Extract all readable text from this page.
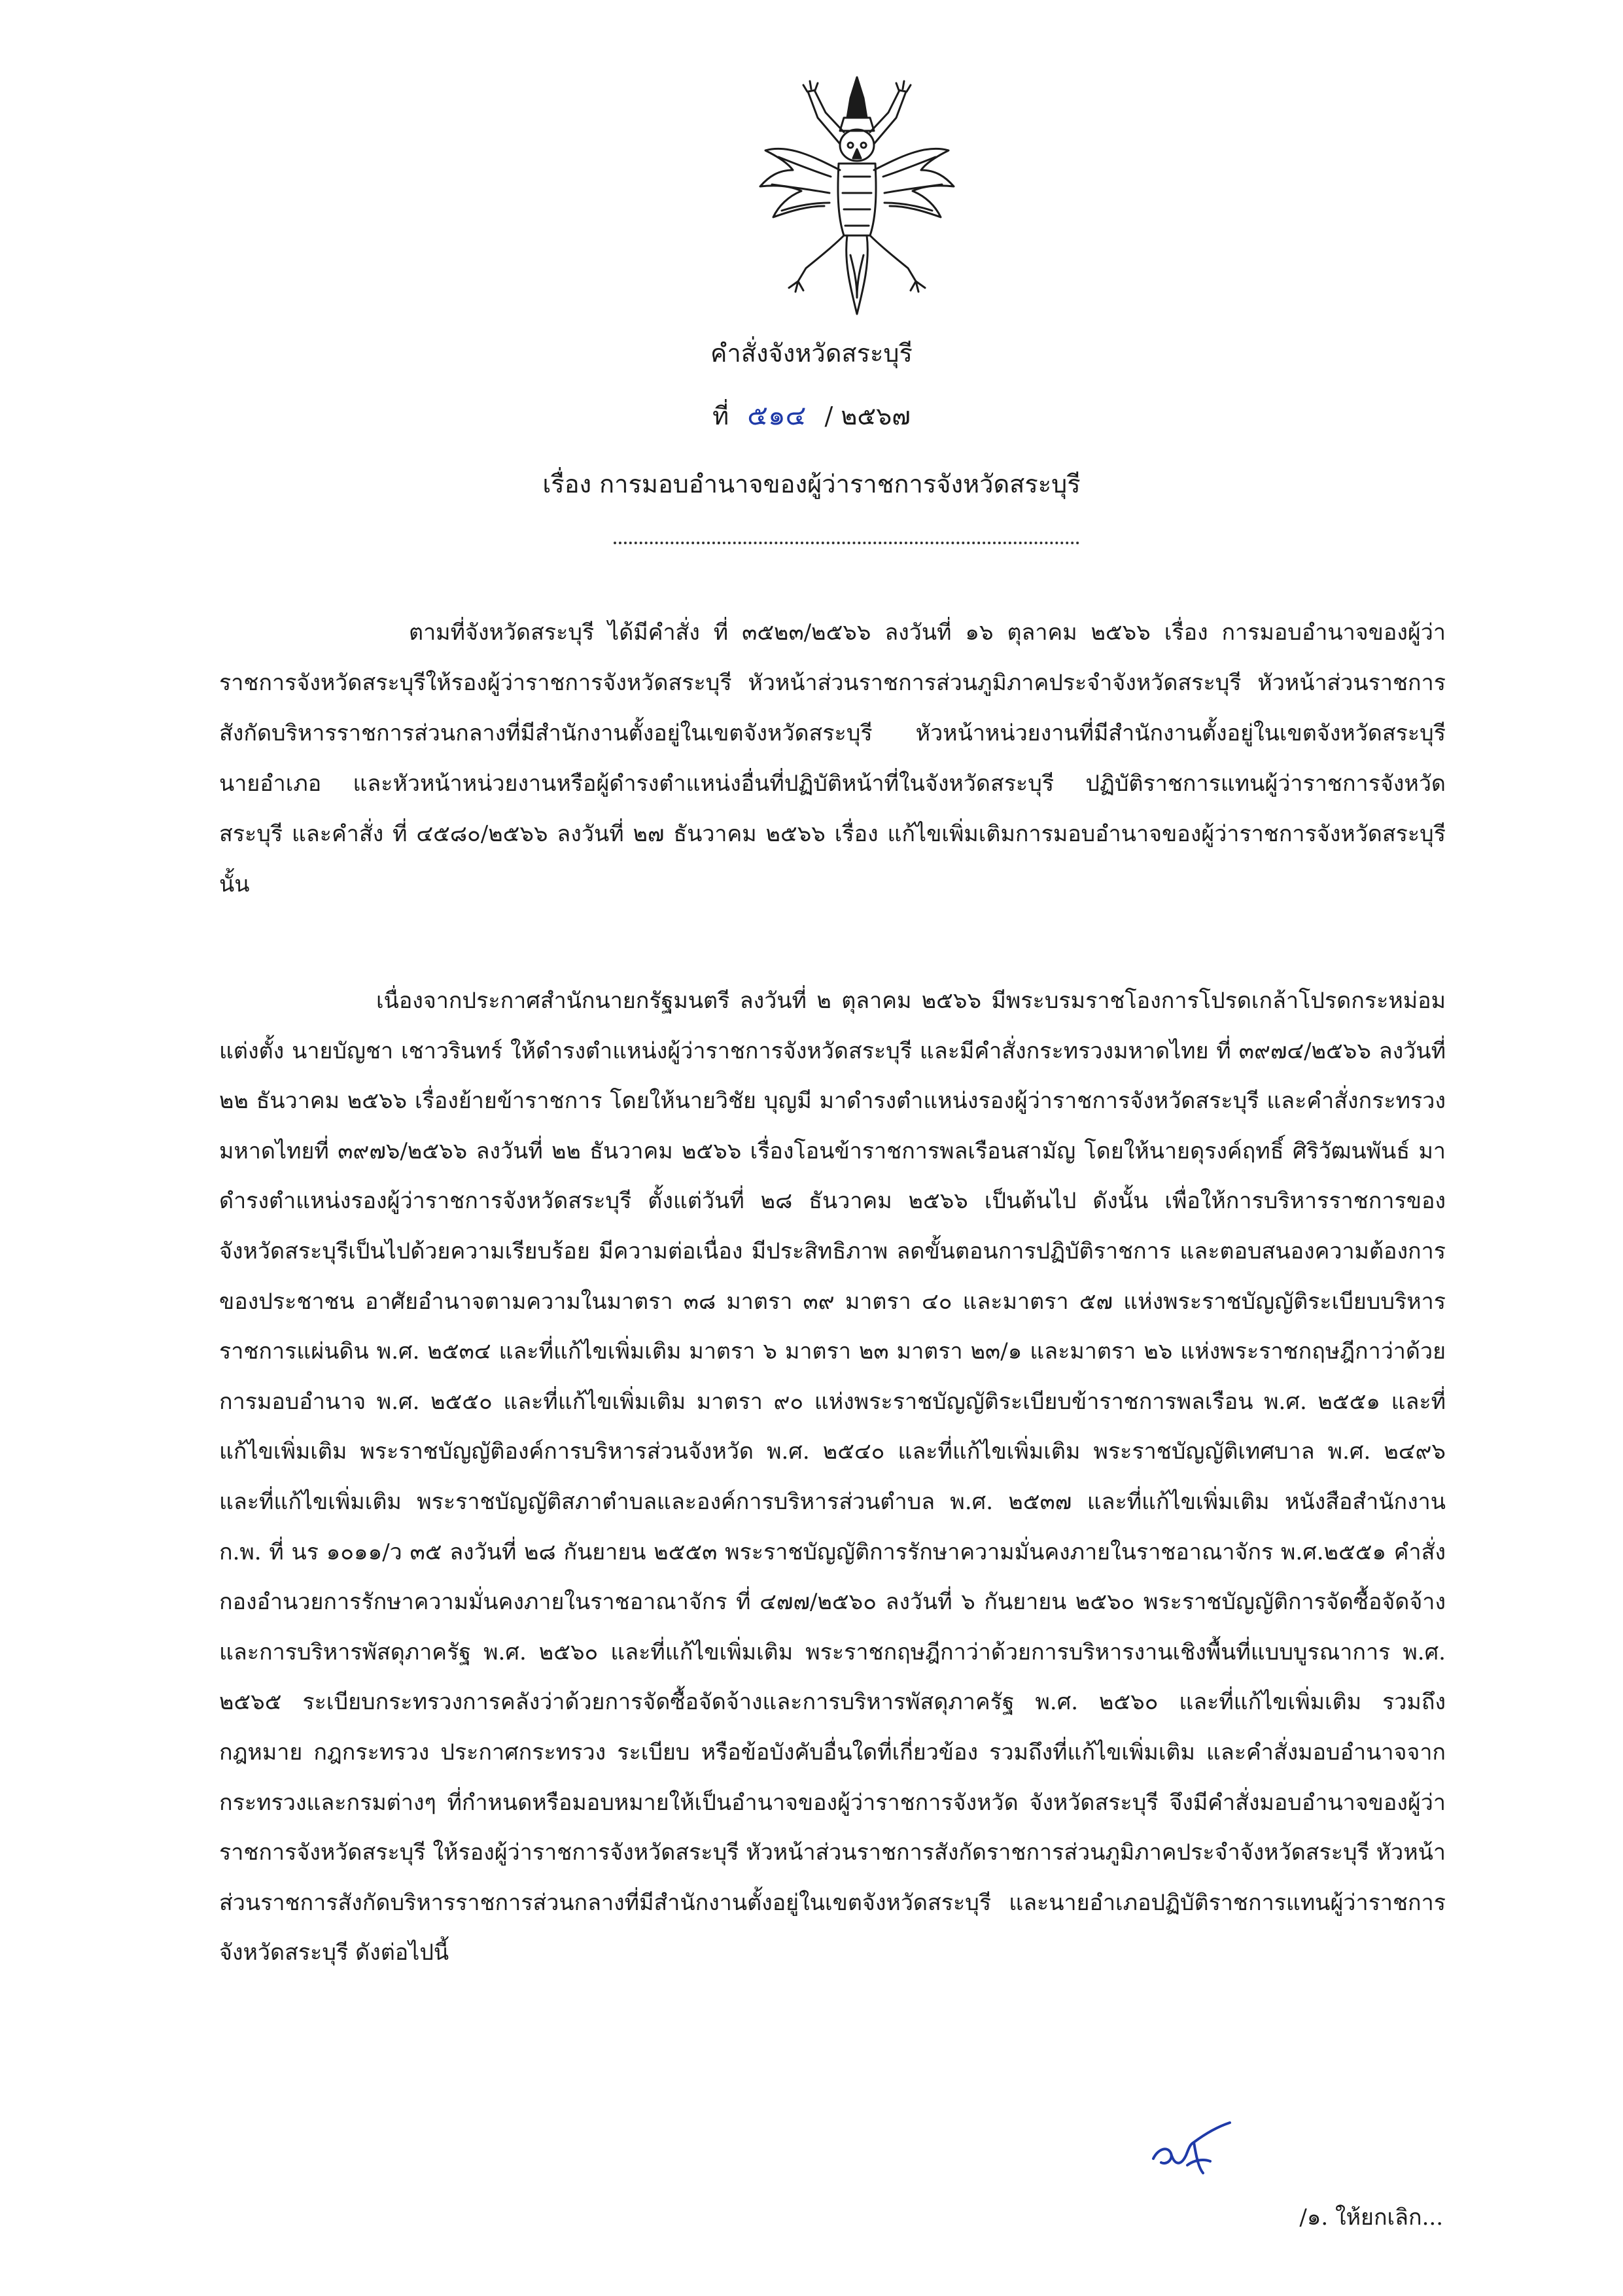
คำสั่งจังหวัดสระบุรี
ที่ ๕๑๔ / ๒๕๖๗
เรื่อง การมอบอำนาจของผู้ว่าราชการจังหวัดสระบุรี

ตามที่จังหวัดสระบุรี ได้มีคำสั่ง ที่ ๓๕๒๓/๒๕๖๖ ลงวันที่ ๑๖ ตุลาคม ๒๕๖๖ เรื่อง การมอบอำนาจของผู้ว่าราชการจังหวัดสระบุรีให้รองผู้ว่าราชการจังหวัดสระบุรี หัวหน้าส่วนราชการส่วนภูมิภาคประจำจังหวัดสระบุรี หัวหน้าส่วนราชการสังกัดบริหารราชการส่วนกลางที่มีสำนักงานตั้งอยู่ในเขตจังหวัดสระบุรี หัวหน้าหน่วยงานที่มีสำนักงานตั้งอยู่ในเขตจังหวัดสระบุรี นายอำเภอ และหัวหน้าหน่วยงานหรือผู้ดำรงตำแหน่งอื่นที่ปฏิบัติหน้าที่ในจังหวัดสระบุรี ปฏิบัติราชการแทนผู้ว่าราชการจังหวัดสระบุรี และคำสั่ง ที่ ๔๕๘๐/๒๕๖๖ ลงวันที่ ๒๗ ธันวาคม ๒๕๖๖ เรื่อง แก้ไขเพิ่มเติมการมอบอำนาจของผู้ว่าราชการจังหวัดสระบุรี นั้น

เนื่องจากประกาศสำนักนายกรัฐมนตรี ลงวันที่ ๒ ตุลาคม ๒๕๖๖ มีพระบรมราชโองการโปรดเกล้าโปรดกระหม่อม แต่งตั้ง นายบัญชา เชาวรินทร์ ให้ดำรงตำแหน่งผู้ว่าราชการจังหวัดสระบุรี และมีคำสั่งกระทรวงมหาดไทย ที่ ๓๙๗๔/๒๕๖๖ ลงวันที่ ๒๒ ธันวาคม ๒๕๖๖ เรื่องย้ายข้าราชการ โดยให้นายวิชัย บุญมี มาดำรงตำแหน่งรองผู้ว่าราชการจังหวัดสระบุรี และคำสั่งกระทรวงมหาดไทยที่ ๓๙๗๖/๒๕๖๖ ลงวันที่ ๒๒ ธันวาคม ๒๕๖๖ เรื่องโอนข้าราชการพลเรือนสามัญ โดยให้นายดุรงค์ฤทธิ์ ศิริวัฒนพันธ์ มาดำรงตำแหน่งรองผู้ว่าราชการจังหวัดสระบุรี ตั้งแต่วันที่ ๒๘ ธันวาคม ๒๕๖๖ เป็นต้นไป ดังนั้น เพื่อให้การบริหารราชการของจังหวัดสระบุรีเป็นไปด้วยความเรียบร้อย มีความต่อเนื่อง มีประสิทธิภาพ ลดขั้นตอนการปฏิบัติราชการ และตอบสนองความต้องการของประชาชน อาศัยอำนาจตามความในมาตรา ๓๘ มาตรา ๓๙ มาตรา ๔๐ และมาตรา ๕๗ แห่งพระราชบัญญัติระเบียบบริหารราชการแผ่นดิน พ.ศ. ๒๕๓๔ และที่แก้ไขเพิ่มเติม มาตรา ๖ มาตรา ๒๓ มาตรา ๒๓/๑ และมาตรา ๒๖ แห่งพระราชกฤษฎีกาว่าด้วยการมอบอำนาจ พ.ศ. ๒๕๕๐ และที่แก้ไขเพิ่มเติม มาตรา ๙๐ แห่งพระราชบัญญัติระเบียบข้าราชการพลเรือน พ.ศ. ๒๕๕๑ และที่แก้ไขเพิ่มเติม พระราชบัญญัติองค์การบริหารส่วนจังหวัด พ.ศ. ๒๕๔๐ และที่แก้ไขเพิ่มเติม พระราชบัญญัติเทศบาล พ.ศ. ๒๔๙๖ และที่แก้ไขเพิ่มเติม พระราชบัญญัติสภาตำบลและองค์การบริหารส่วนตำบล พ.ศ. ๒๕๓๗ และที่แก้ไขเพิ่มเติม หนังสือสำนักงาน ก.พ. ที่ นร ๑๐๑๑/ว ๓๕ ลงวันที่ ๒๘ กันยายน ๒๕๕๓ พระราชบัญญัติการรักษาความมั่นคงภายในราชอาณาจักร พ.ศ.๒๕๕๑ คำสั่งกองอำนวยการรักษาความมั่นคงภายในราชอาณาจักร ที่ ๔๗๗/๒๕๖๐ ลงวันที่ ๖ กันยายน ๒๕๖๐ พระราชบัญญัติการจัดซื้อจัดจ้างและการบริหารพัสดุภาครัฐ พ.ศ. ๒๕๖๐ และที่แก้ไขเพิ่มเติม พระราชกฤษฎีกาว่าด้วยการบริหารงานเชิงพื้นที่แบบบูรณาการ พ.ศ. ๒๕๖๕ ระเบียบกระทรวงการคลังว่าด้วยการจัดซื้อจัดจ้างและการบริหารพัสดุภาครัฐ พ.ศ. ๒๕๖๐ และที่แก้ไขเพิ่มเติม รวมถึงกฎหมาย กฎกระทรวง ประกาศกระทรวง ระเบียบ หรือข้อบังคับอื่นใดที่เกี่ยวข้อง รวมถึงที่แก้ไขเพิ่มเติม และคำสั่งมอบอำนาจจากกระทรวงและกรมต่างๆ ที่กำหนดหรือมอบหมายให้เป็นอำนาจของผู้ว่าราชการจังหวัด จังหวัดสระบุรี จึงมีคำสั่งมอบอำนาจของผู้ว่าราชการจังหวัดสระบุรี ให้รองผู้ว่าราชการจังหวัดสระบุรี หัวหน้าส่วนราชการสังกัดราชการส่วนภูมิภาคประจำจังหวัดสระบุรี หัวหน้าส่วนราชการสังกัดบริหารราชการส่วนกลางที่มีสำนักงานตั้งอยู่ในเขตจังหวัดสระบุรี และนายอำเภอปฏิบัติราชการแทนผู้ว่าราชการจังหวัดสระบุรี ดังต่อไปนี้

/๑. ให้ยกเลิก...
